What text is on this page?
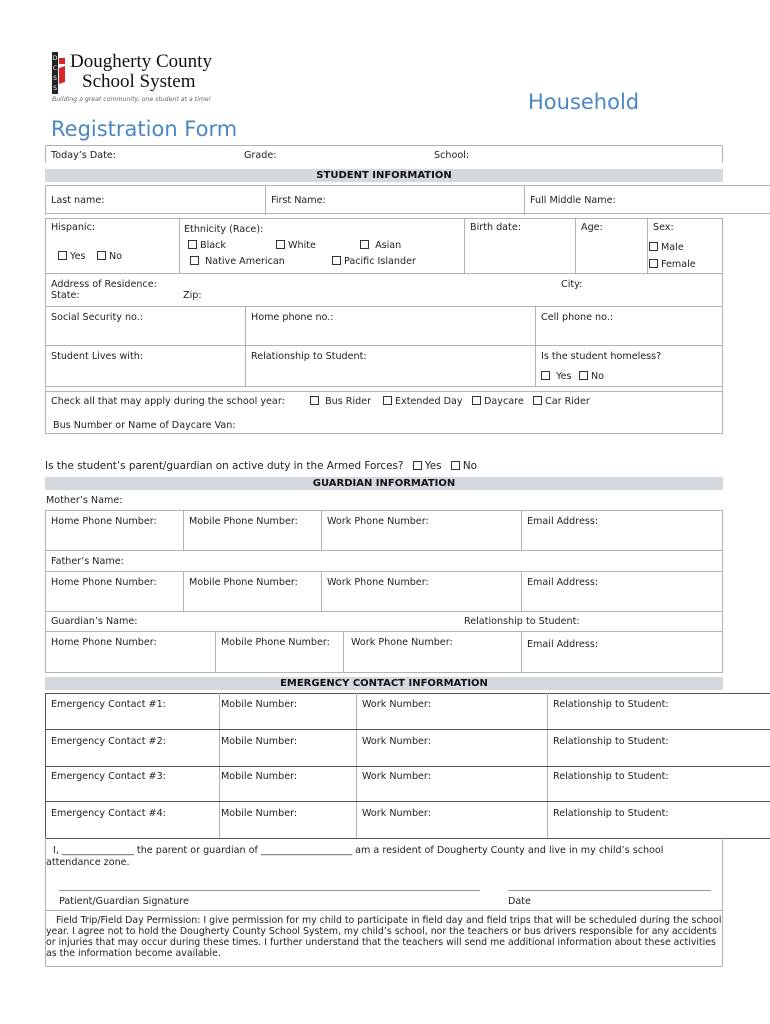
D
C
S
S
Dougherty County
School System
Building a great community, one student at a time!	Household
Registration Form
Today’s Date:	Grade:	School:
STUDENT INFORMATION
Last name:	First Name:	Full Middle Name:
Hispanic:
Yes	No
Ethnicity (Race):
Black	White	Asian
Native American	Pacific Islander
Birth date:	Age:	Sex:
Male
Female
Address of Residence:
State:	Zip:
City:
Social Security no.:	Home phone no.:	Cell phone no.:
Student Lives with:	Relationship to Student:	Is the student homeless?
Yes	No
Check all that may apply during the school year:	Bus Rider	Extended Day	Daycare	Car Rider
Bus Number or Name of Daycare Van:
Is the student’s parent/guardian on active duty in the Armed Forces? Yes No
GUARDIAN INFORMATION
Mother’s Name:
Home Phone Number:	Mobile Phone Number:	Work Phone Number:	Email Address:
Father’s Name:
Home Phone Number:	Mobile Phone Number:	Work Phone Number:	Email Address:
Guardian’s Name:	Relationship to Student:
Home Phone Number:	Mobile Phone Number: Work Phone Number:	Email Address:
EMERGENCY CONTACT INFORMATION
Emergency Contact #1:	Mobile Number:	Work Number:	Relationship to Student:
Emergency Contact #2:	Mobile Number:	Work Number:	Relationship to Student:
Emergency Contact #3:	Mobile Number:	Work Number:	Relationship to Student:
Emergency Contact #4:	Mobile Number:	Work Number:	Relationship to Student:
I, _______________ the parent or guardian of ___________________ am a resident of Dougherty County and live in my child’s school
attendance zone.
Patient/Guardian Signature	Date
Field Trip/Field Day Permission: I give permission for my child to participate in field day and field trips that will be scheduled during the school year. I agree not to hold the Dougherty County School System, my child’s school, nor the teachers or bus drivers responsible for any accidents or injuries that may occur during these times. I further understand that the teachers will send me additional information about these activities as the information become available.
